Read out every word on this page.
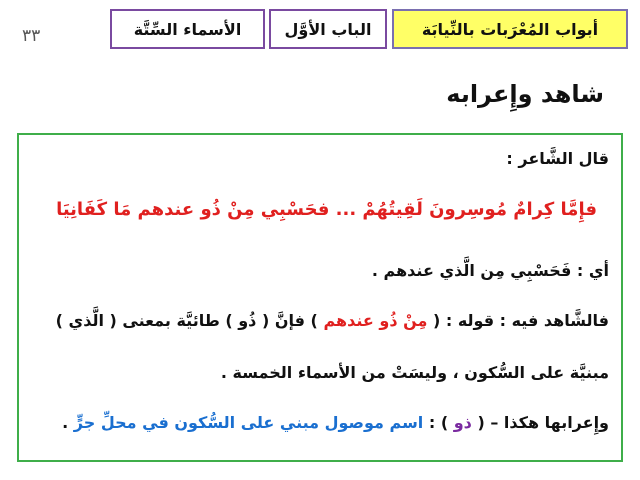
٣٣	أبواب المُعْرَبات بالنِّيابَة
الباب الأوَّل
الأسماء السِّتَّة
شاهد وإِعرابه
قال الشَّاعر :
فإِمَّا كِرامٌ مُوسِرونَ لَقِيتُهُمْ ... فحَسْبِي مِنْ ذُو عندهم مَا كَفَانِيَا
أي : فَحَسْبِي مِن الَّذي عندهم .
فالشَّاهد فيه : قوله : ( مِنْ ذُو عندهم ) فإنَّ ( ذُو ) طائيَّة بمعنى ( الَّذي )
مبنيَّة على السُّكون ، وليسَتْ من الأسماء الخمسة .
وإِعرابها هكذا – ( ذو ) : اسم موصول مبني على السُّكون في محلِّ جرٍّ .
